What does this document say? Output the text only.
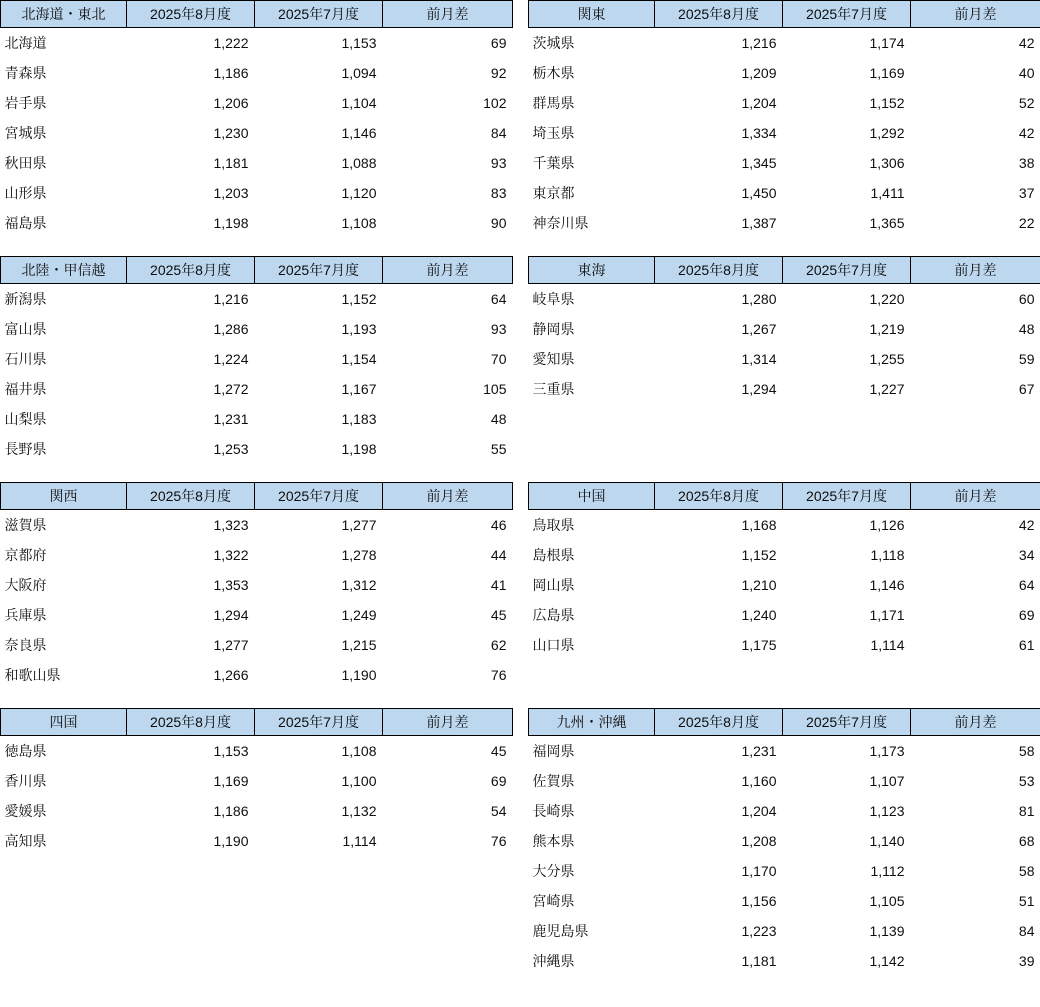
北海道・東北	2025年8月度	2025年7月度	前月差
北海道	1,222	1,153	69
青森県	1,186	1,094	92
岩手県	1,206	1,104	102
宮城県	1,230	1,146	84
秋田県	1,181	1,088	93
山形県	1,203	1,120	83
福島県	1,198	1,108	90
関東	2025年8月度	2025年7月度	前月差
茨城県	1,216	1,174	42
栃木県	1,209	1,169	40
群馬県	1,204	1,152	52
埼玉県	1,334	1,292	42
千葉県	1,345	1,306	38
東京都	1,450	1,411	37
神奈川県	1,387	1,365	22
北陸・甲信越	2025年8月度	2025年7月度	前月差
新潟県	1,216	1,152	64
富山県	1,286	1,193	93
石川県	1,224	1,154	70
福井県	1,272	1,167	105
山梨県	1,231	1,183	48
長野県	1,253	1,198	55
東海	2025年8月度	2025年7月度	前月差
岐阜県	1,280	1,220	60
静岡県	1,267	1,219	48
愛知県	1,314	1,255	59
三重県	1,294	1,227	67

関西	2025年8月度	2025年7月度	前月差
滋賀県	1,323	1,277	46
京都府	1,322	1,278	44
大阪府	1,353	1,312	41
兵庫県	1,294	1,249	45
奈良県	1,277	1,215	62
和歌山県	1,266	1,190	76
中国	2025年8月度	2025年7月度	前月差
鳥取県	1,168	1,126	42
島根県	1,152	1,118	34
岡山県	1,210	1,146	64
広島県	1,240	1,171	69
山口県	1,175	1,114	61

四国	2025年8月度	2025年7月度	前月差
徳島県	1,153	1,108	45
香川県	1,169	1,100	69
愛媛県	1,186	1,132	54
高知県	1,190	1,114	76

九州・沖縄	2025年8月度	2025年7月度	前月差
福岡県	1,231	1,173	58
佐賀県	1,160	1,107	53
長崎県	1,204	1,123	81
熊本県	1,208	1,140	68
大分県	1,170	1,112	58
宮崎県	1,156	1,105	51
鹿児島県	1,223	1,139	84
沖縄県	1,181	1,142	39
